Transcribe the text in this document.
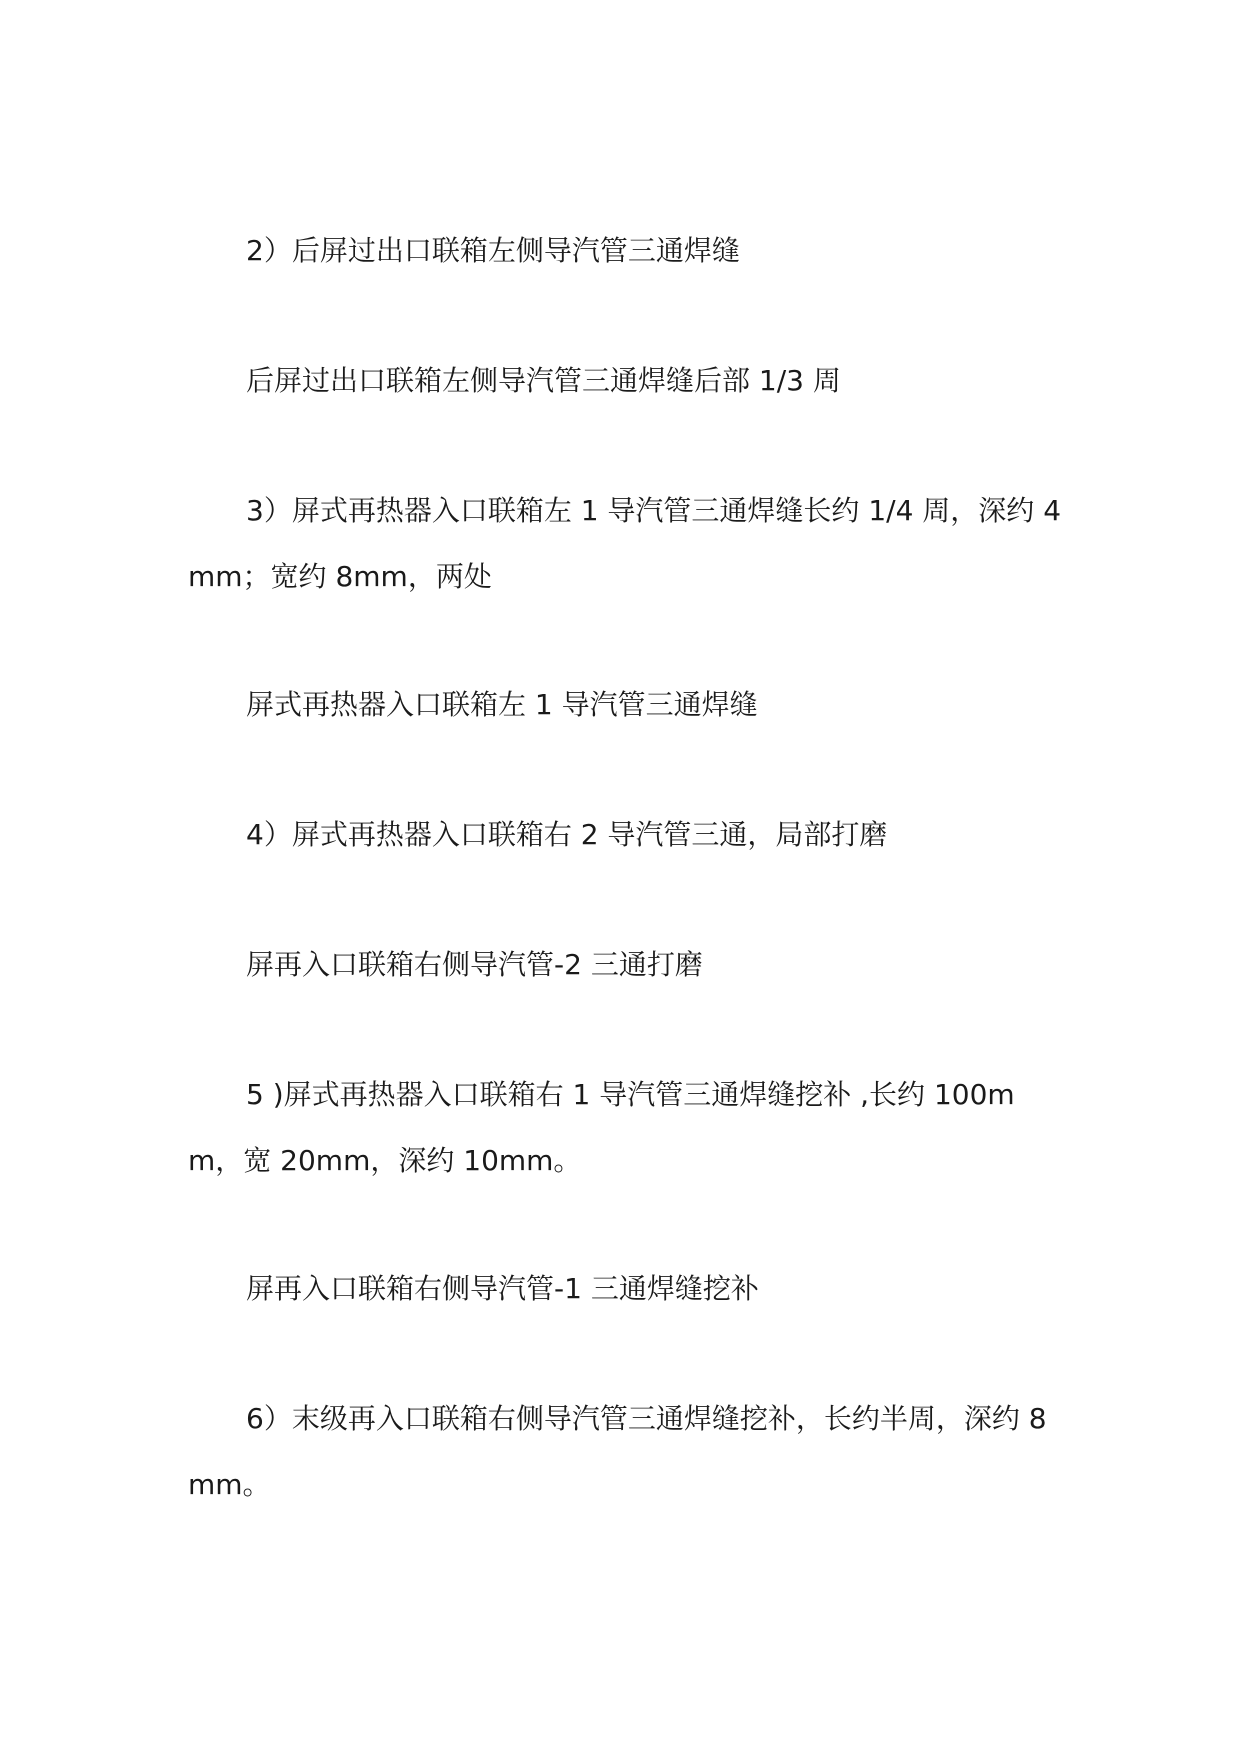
2）后屏过出口联箱左侧导汽管三通焊缝

后屏过出口联箱左侧导汽管三通焊缝后部 1/3 周

3）屏式再热器入口联箱左 1 导汽管三通焊缝长约 1/4 周，深约 4mm；宽约 8mm，两处

屏式再热器入口联箱左 1 导汽管三通焊缝

4）屏式再热器入口联箱右 2 导汽管三通，局部打磨

屏再入口联箱右侧导汽管-2 三通打磨

5 )屏式再热器入口联箱右 1 导汽管三通焊缝挖补 ,长约 100mm，宽 20mm，深约 10mm。

屏再入口联箱右侧导汽管-1 三通焊缝挖补

6）末级再入口联箱右侧导汽管三通焊缝挖补，长约半周，深约 8mm。
